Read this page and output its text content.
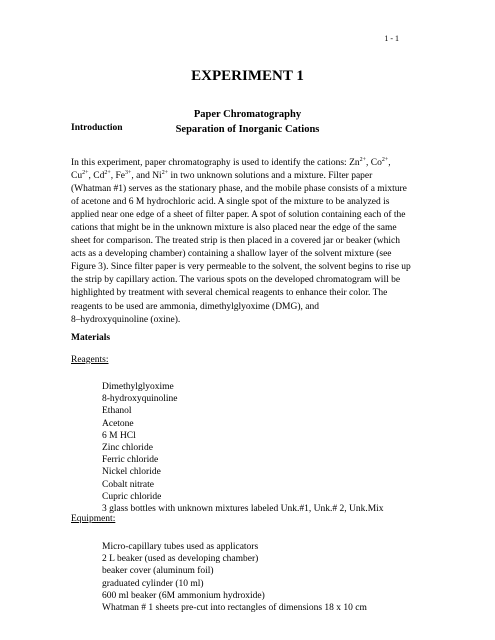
1 - 1
EXPERIMENT 1
Paper Chromatography
Separation of Inorganic Cations
Introduction
In this experiment, paper chromatography is used to identify the cations: $Zn^{2+}$, $Co^{2+}$,
$Cu^{2+}$, $Cd^{2+}$, $Fe^{3+}$, and $Ni^{2+}$ in two unknown solutions and a mixture. Filter paper
(Whatman #1) serves as the stationary phase, and the mobile phase consists of a mixture
of acetone and 6 M hydrochloric acid. A single spot of the mixture to be analyzed is
applied near one edge of a sheet of filter paper. A spot of solution containing each of the
cations that might be in the unknown mixture is also placed near the edge of the same
sheet for comparison. The treated strip is then placed in a covered jar or beaker (which
acts as a developing chamber) containing a shallow layer of the solvent mixture (see
Figure 3). Since filter paper is very permeable to the solvent, the solvent begins to rise up
the strip by capillary action. The various spots on the developed chromatogram will be
highlighted by treatment with several chemical reagents to enhance their color. The
reagents to be used are ammonia, dimethylglyoxime (DMG), and
8–hydroxyquinoline (oxine).
Materials
Reagents:
Dimethylglyoxime
8-hydroxyquinoline
Ethanol
Acetone
6 M HCl
Zinc chloride
Ferric chloride
Nickel chloride
Cobalt nitrate
Cupric chloride
3 glass bottles with unknown mixtures labeled Unk.#1, Unk.# 2, Unk.Mix
Equipment:
Micro-capillary tubes used as applicators
2 L beaker (used as developing chamber)
beaker cover (aluminum foil)
graduated cylinder (10 ml)
600 ml beaker (6M ammonium hydroxide)
Whatman # 1 sheets pre-cut into rectangles of dimensions 18 x 10 cm
